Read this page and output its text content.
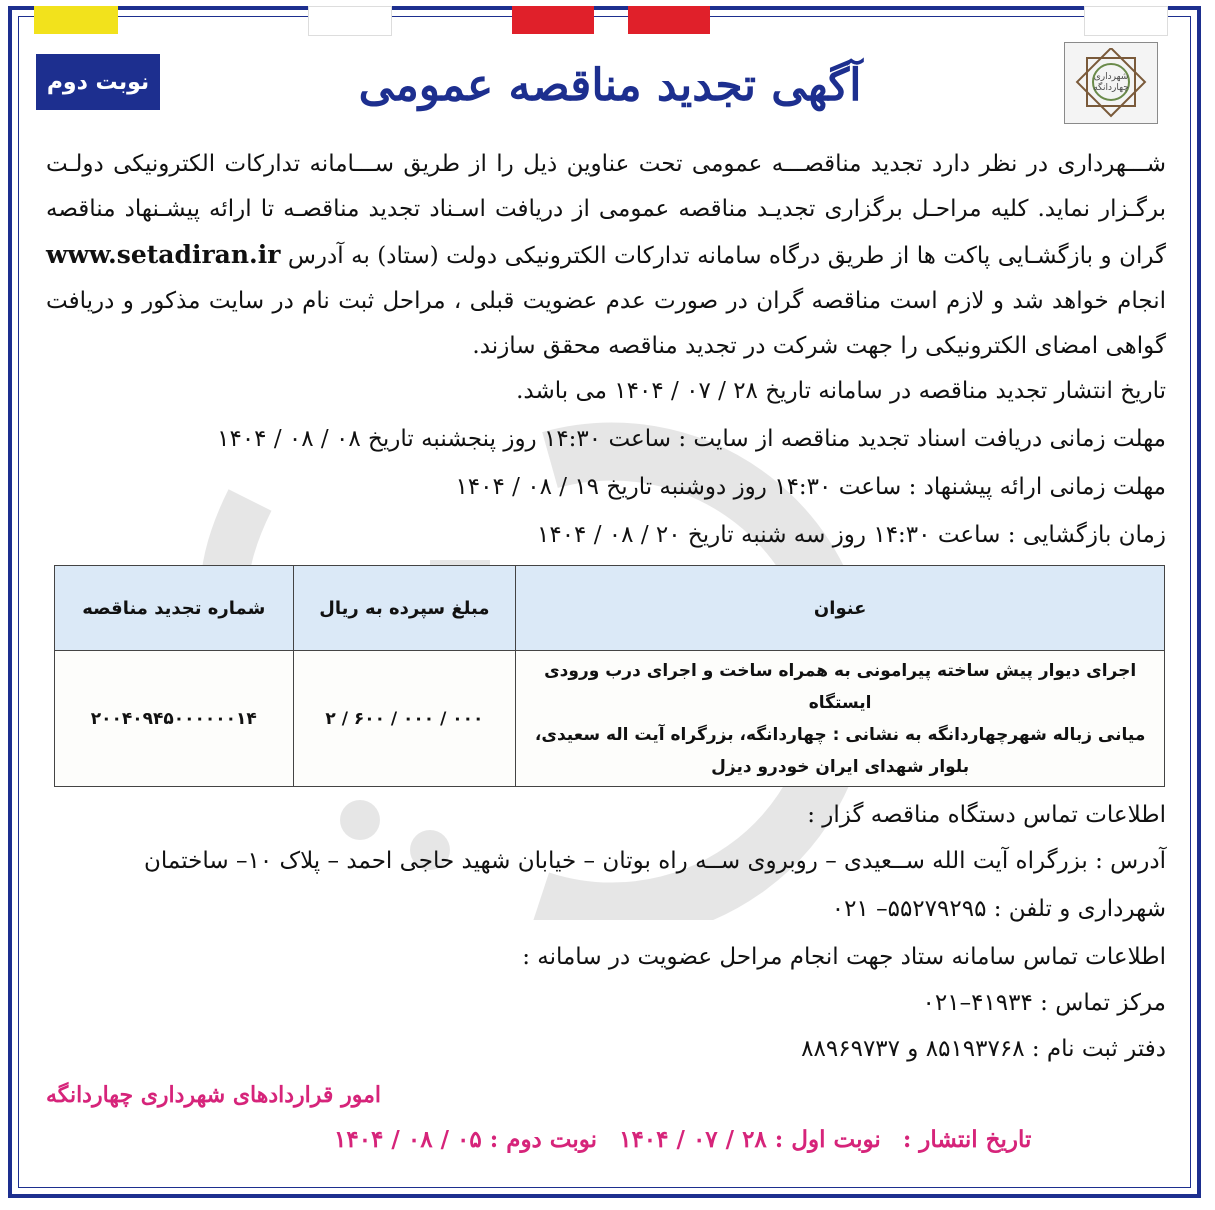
نوبت دوم	شهرداری چهاردانگه
آگهی تجدید مناقصه عمومی

شـــهرداری در نظر دارد تجدید مناقصـــه عمومی تحت عناوین ذیل را از طریق ســـامانه تدارکات الکترونیکی دولـت برگـزار نماید. کلیه مراحـل برگزاری تجدیـد مناقصه عمومی از دریافت اسـناد تجدید مناقصـه تا ارائه پیشـنهاد مناقصه گران و بازگشـایی پاکت ها از طریق درگاه سامانه تدارکات الکترونیکی دولت (ستاد) به آدرس www.setadiran.ir انجام خواهد شد و لازم است مناقصه گران در صورت عدم عضویت قبلی ، مراحل ثبت نام در سایت مذکور و دریافت گواهی امضای الکترونیکی را جهت شرکت در تجدید مناقصه محقق سازند.

تاریخ انتشار تجدید مناقصه در سامانه تاریخ ۲۸ / ۰۷ / ۱۴۰۴ می باشد.
مهلت زمانی دریافت اسناد تجدید مناقصه از سایت : ساعت ۱۴:۳۰ روز پنجشنبه تاریخ ۰۸ / ۰۸ / ۱۴۰۴
مهلت زمانی ارائه پیشنهاد : ساعت ۱۴:۳۰ روز دوشنبه تاریخ ۱۹ / ۰۸ / ۱۴۰۴
زمان بازگشایی : ساعت ۱۴:۳۰ روز سه شنبه تاریخ ۲۰ / ۰۸ / ۱۴۰۴
عنوان	مبلغ سپرده به ریال	شماره تجدید مناقصه

اجرای دیوار پیش ساخته پیرامونی به همراه ساخت و اجرای درب ورودی ایستگاه
میانی زباله شهرچهاردانگه به نشانی : چهاردانگه، بزرگراه آیت اله سعیدی،
بلوار شهدای ایران خودرو دیزل	۰۰۰ / ۰۰۰ / ۶۰۰ / ۲	۲۰۰۴۰۹۴۵۰۰۰۰۰۰۱۴
اطلاعات تماس دستگاه مناقصه گزار :
آدرس : بزرگراه آیت الله ســعیدی – روبروی ســه راه بوتان – خیابان شهید حاجی احمد – پلاک ۱۰– ساختمان
شهرداری و تلفن : ۵۵۲۷۹۲۹۵– ۰۲۱
اطلاعات تماس سامانه ستاد جهت انجام مراحل عضویت در سامانه :
مرکز تماس : ۴۱۹۳۴–۰۲۱
دفتر ثبت نام : ۸۵۱۹۳۷۶۸ و ۸۸۹۶۹۷۳۷
امور قراردادهای شهرداری چهاردانگه
تاریخ انتشار : نوبت اول : ۲۸ / ۰۷ / ۱۴۰۴ نوبت دوم : ۰۵ / ۰۸ / ۱۴۰۴
